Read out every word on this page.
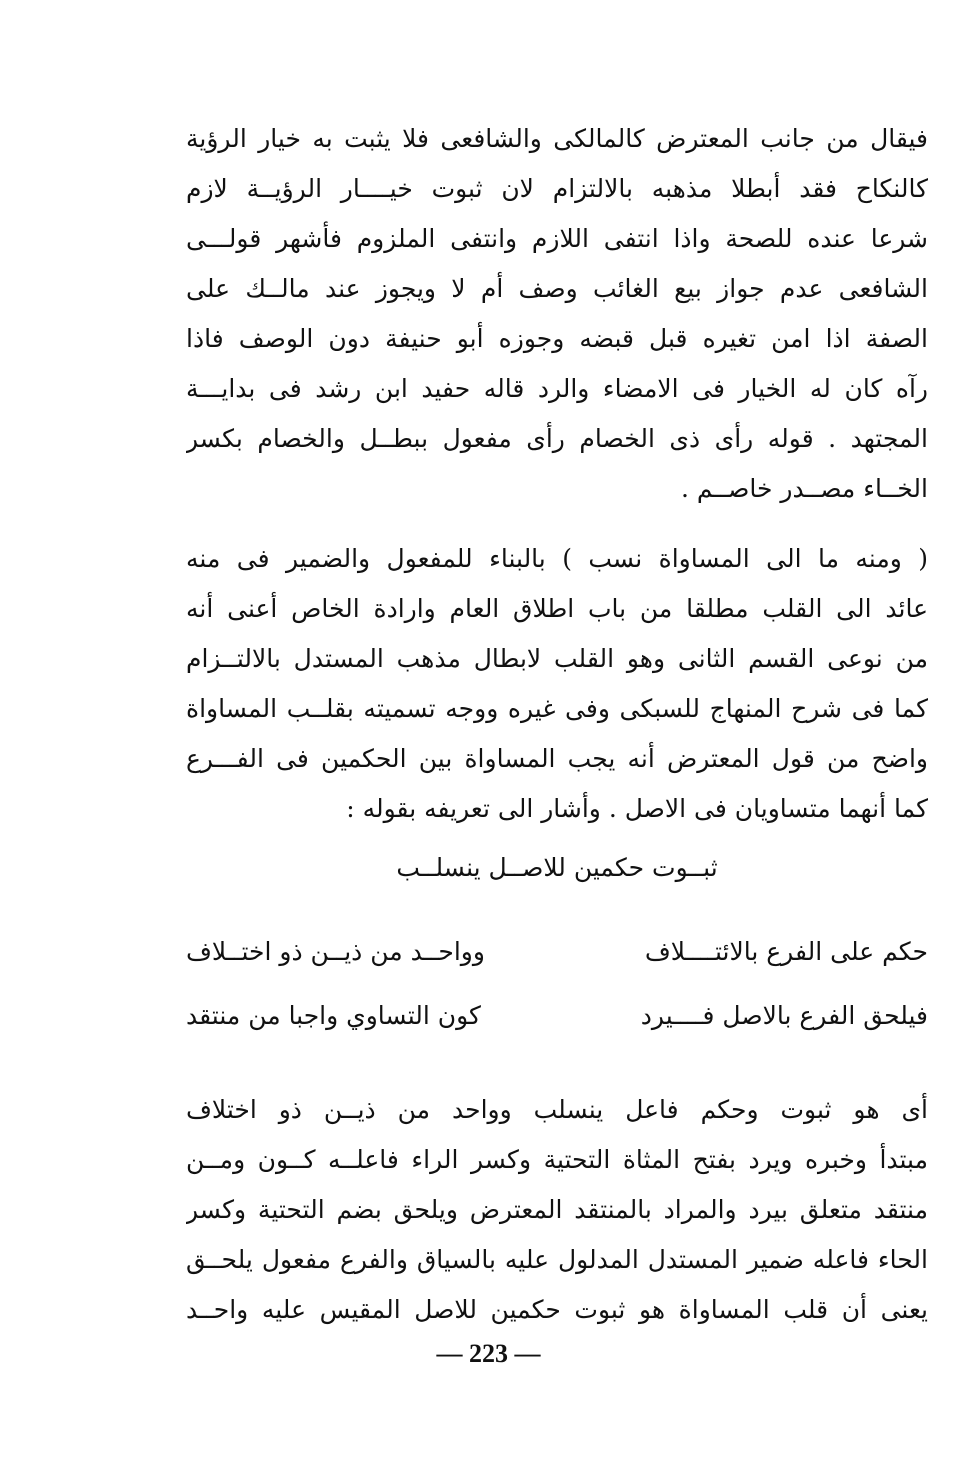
فيقال من جانب المعترض كالمالكى والشافعى فلا يثبت به خيار الرؤية
كالنكاح فقد أبطلا مذهبه بالالتزام لان ثبوت خيــــار الرؤيــة لازم
شرعا عنده للصحة واذا انتفى اللازم وانتفى الملزوم فأشهر قولـــى
الشافعى عدم جواز بيع الغائب وصف أم لا ويجوز عند مالــك على
الصفة اذا امن تغيره قبل قبضه وجوزه أبو حنيفة دون الوصف فاذا
رآه كان له الخيار فى الامضاء والرد قاله حفيد ابن رشد فى بدايـــة
المجتهد . قوله رأى ذى الخصام رأى مفعول ببطــل والخصام بكسر
الخــاء مصــدر خاصــم .
( ومنه ما الى المساواة نسب ) بالبناء للمفعول والضمير فى منه
عائد الى القلب مطلقا من باب اطلاق العام وارادة الخاص أعنى أنه
من نوعى القسم الثانى وهو القلب لابطال مذهب المستدل بالالتــزام
كما فى شرح المنهاج للسبكى وفى غيره ووجه تسميته بقلــب المساواة
واضح من قول المعترض أنه يجب المساواة بين الحكمين فى الفـــرع
كما أنهما متساويان فى الاصل . وأشار الى تعريفه بقوله :
ثبــوت حكمين للاصــل ينسلــب
حكم على الفرع بالائتــــلاف
وواحــد من ذيــن ذو اختــلاف
فيلحق الفرع بالاصل فــــيرد
كون التساوي واجبا من منتقد
أى هو ثبوت وحكم فاعل ينسلب وواحد من ذيــن ذو اختلاف
مبتدأ وخبره ويرد بفتح المثاة التحتية وكسر الراء فاعلــه كــون ومــن
منتقد متعلق بيرد والمراد بالمنتقد المعترض ويلحق بضم التحتية وكسر
الحاء فاعله ضمير المستدل المدلول عليه بالسياق والفرع مفعول يلحــق
يعنى أن قلب المساواة هو ثبوت حكمين للاصل المقيس عليه واحــد
— 223 —
